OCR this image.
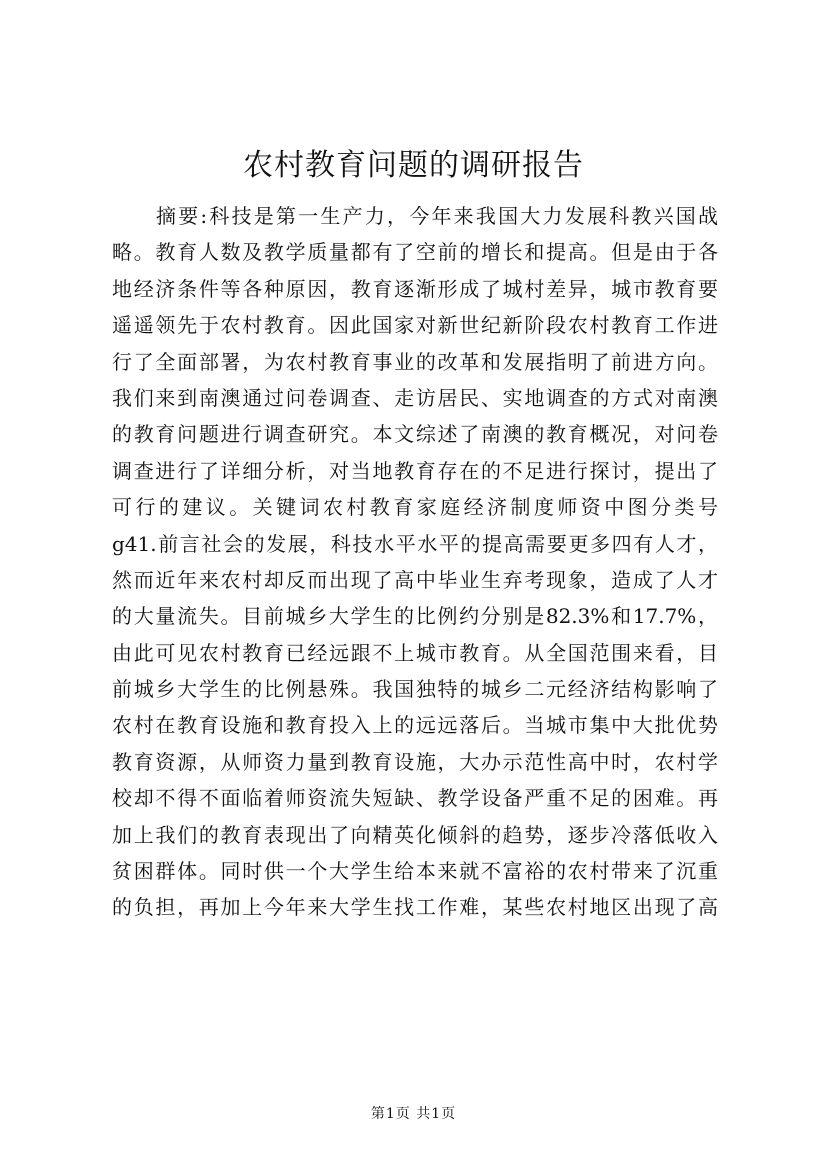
农村教育问题的调研报告
摘要:科技是第一生产力，今年来我国大力发展科教兴国战
略。教育人数及教学质量都有了空前的增长和提高。但是由于各
地经济条件等各种原因，教育逐渐形成了城村差异，城市教育要
遥遥领先于农村教育。因此国家对新世纪新阶段农村教育工作进
行了全面部署，为农村教育事业的改革和发展指明了前进方向。
我们来到南澳通过问卷调查、走访居民、实地调查的方式对南澳
的教育问题进行调查研究。本文综述了南澳的教育概况，对问卷
调查进行了详细分析，对当地教育存在的不足进行探讨，提出了
可行的建议。关键词农村教育家庭经济制度师资中图分类号
g41.前言社会的发展，科技水平水平的提高需要更多四有人才，
然而近年来农村却反而出现了高中毕业生弃考现象，造成了人才
的大量流失。目前城乡大学生的比例约分别是82.3%和17.7%，
由此可见农村教育已经远跟不上城市教育。从全国范围来看，目
前城乡大学生的比例悬殊。我国独特的城乡二元经济结构影响了
农村在教育设施和教育投入上的远远落后。当城市集中大批优势
教育资源，从师资力量到教育设施，大办示范性高中时，农村学
校却不得不面临着师资流失短缺、教学设备严重不足的困难。再
加上我们的教育表现出了向精英化倾斜的趋势，逐步冷落低收入
贫困群体。同时供一个大学生给本来就不富裕的农村带来了沉重
的负担，再加上今年来大学生找工作难，某些农村地区出现了高
第1页 共1页
